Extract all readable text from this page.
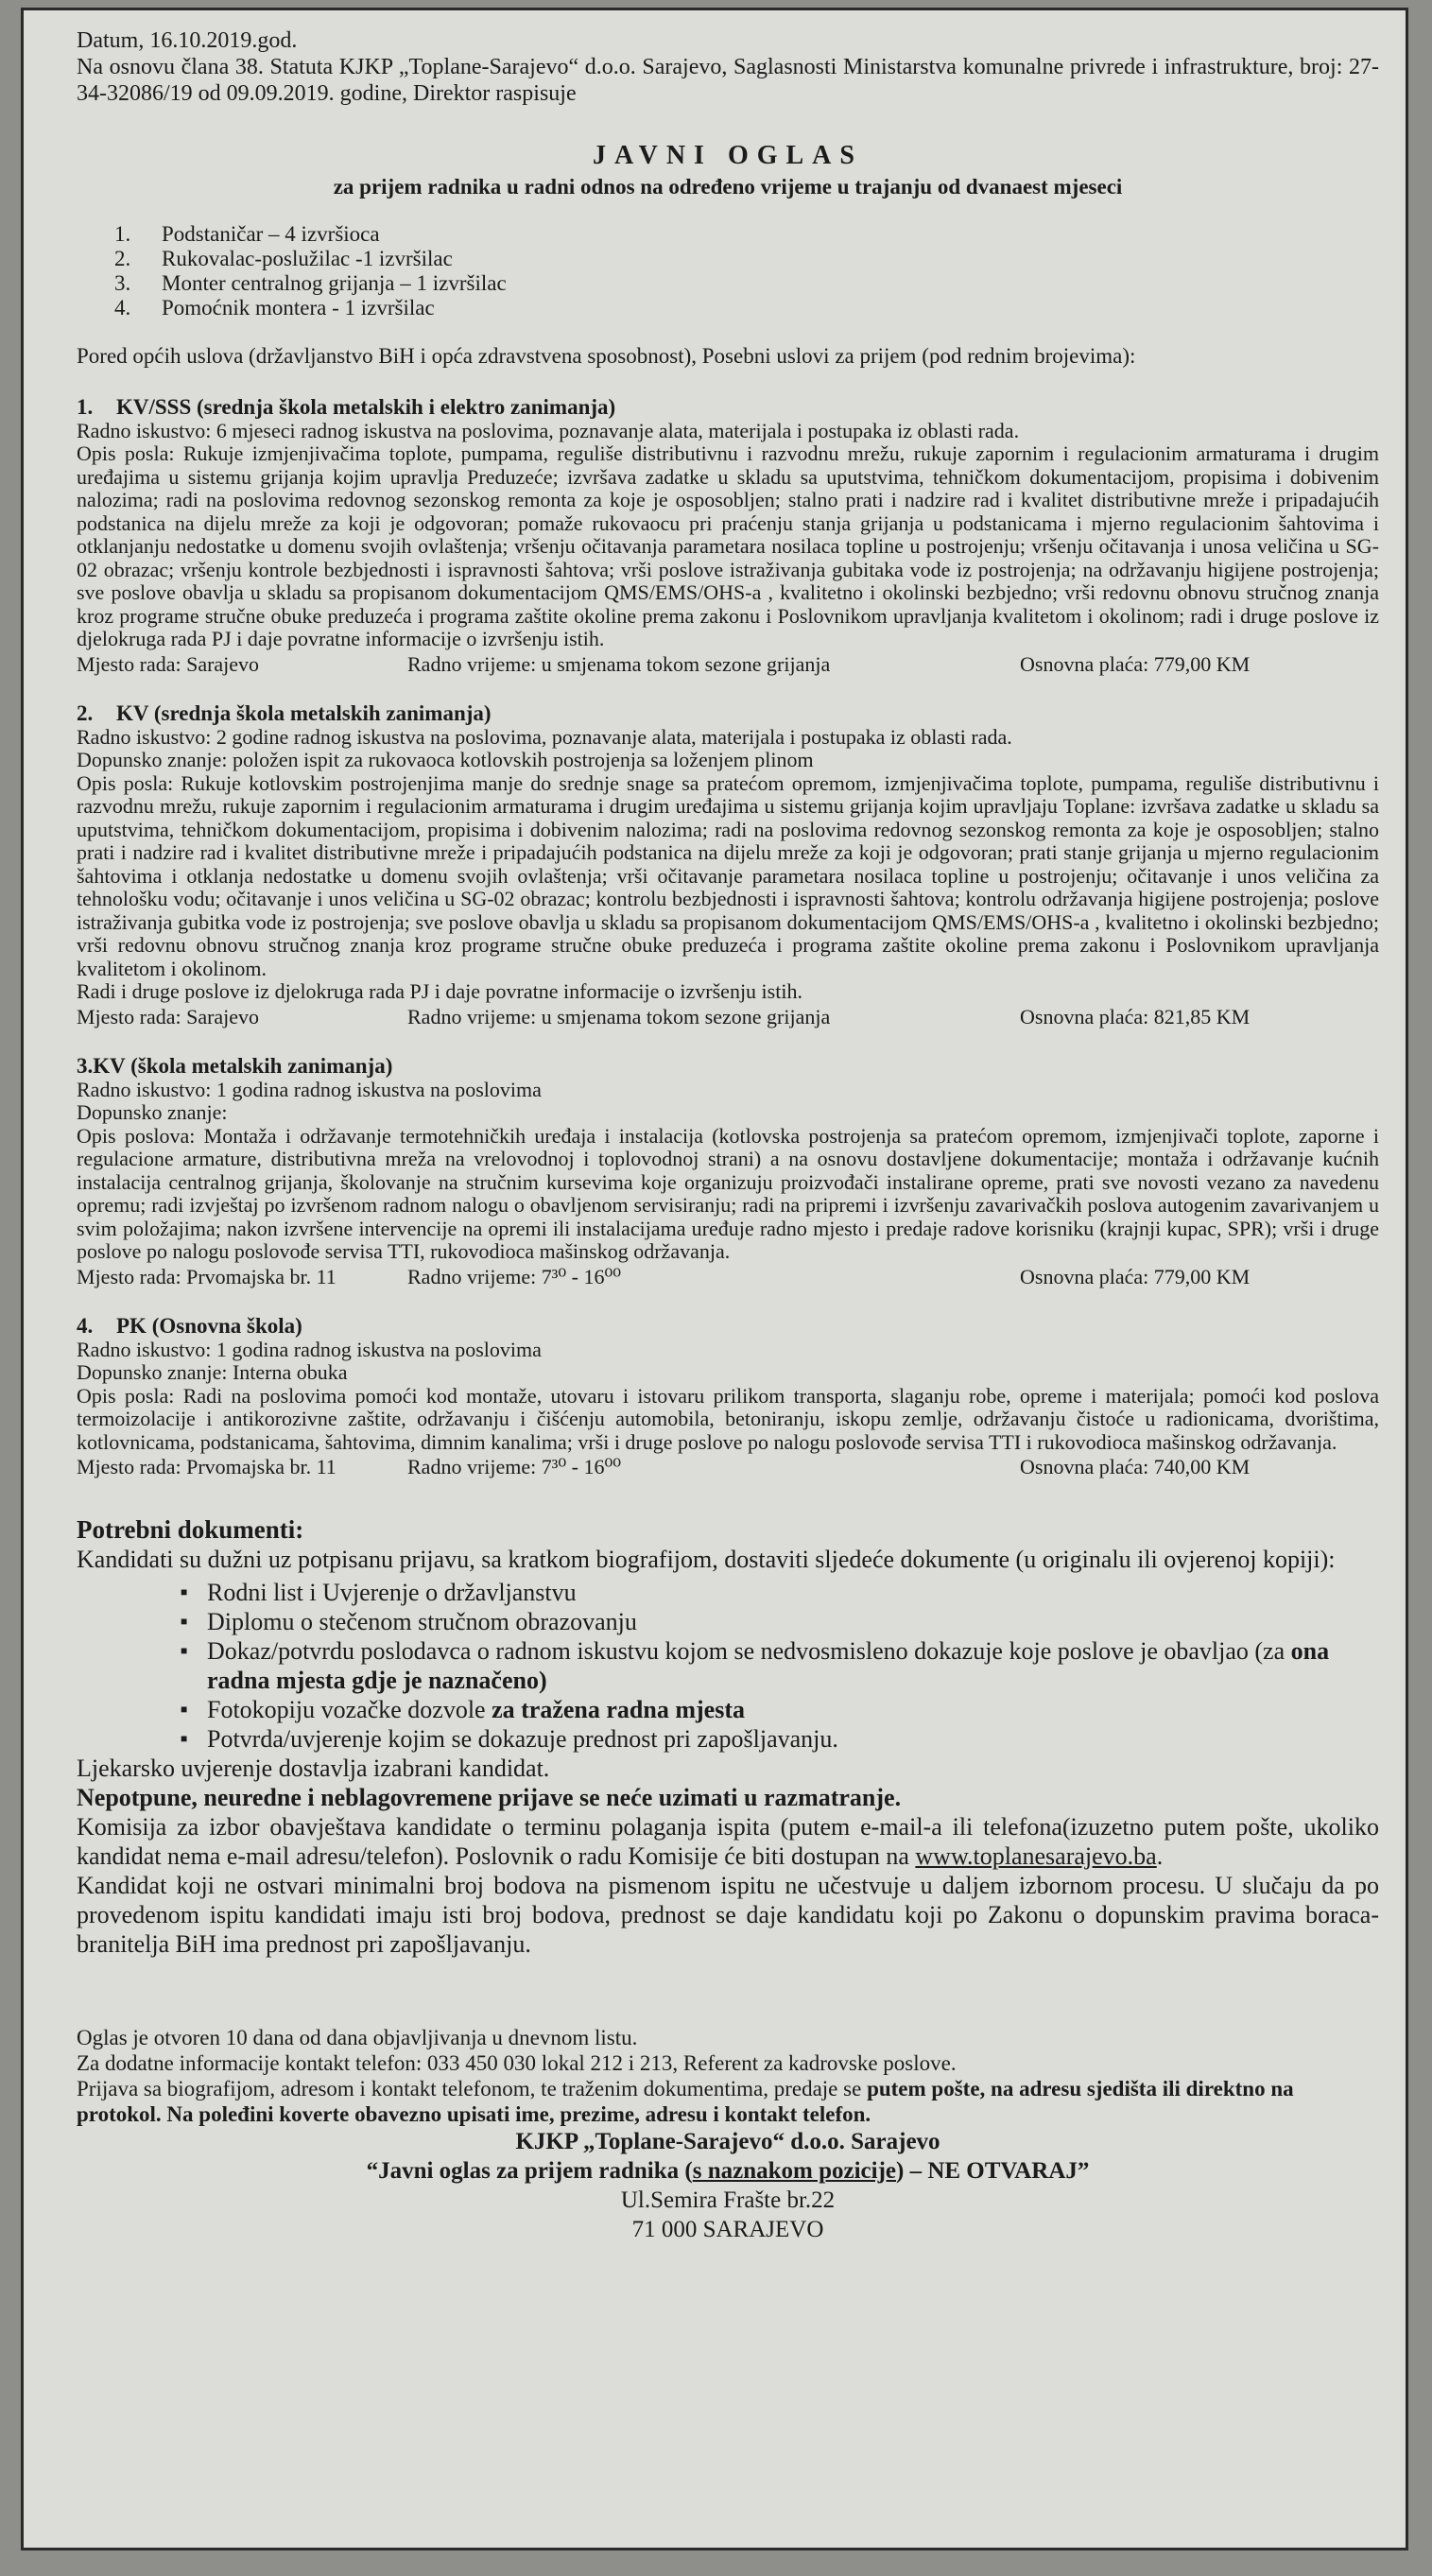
Datum, 16.10.2019.god.

Na osnovu člana 38. Statuta KJKP „Toplane-Sarajevo“ d.o.o. Sarajevo, Saglasnosti Ministarstva komunalne privrede i infrastrukture, broj: 27-34-32086/19 od 09.09.2019. godine, Direktor raspisuje

JAVNI OGLAS

za prijem radnika u radni odnos na određeno vrijeme u trajanju od dvanaest mjeseci

1. Podstaničar – 4 izvršioca
2. Rukovalac-poslužilac -1 izvršilac
3. Monter centralnog grijanja – 1 izvršilac
4. Pomoćnik montera - 1 izvršilac

Pored općih uslova (državljanstvo BiH i opća zdravstvena sposobnost), Posebni uslovi za prijem (pod rednim brojevima):

1. KV/SSS (srednja škola metalskih i elektro zanimanja)

Radno iskustvo: 6 mjeseci radnog iskustva na poslovima, poznavanje alata, materijala i postupaka iz oblasti rada.

Opis posla: Rukuje izmjenjivačima toplote, pumpama, reguliše distributivnu i razvodnu mrežu, rukuje zapornim i regulacionim armaturama i drugim uređajima u sistemu grijanja kojim upravlja Preduzeće; izvršava zadatke u skladu sa uputstvima, tehničkom dokumentacijom, propisima i dobivenim nalozima; radi na poslovima redovnog sezonskog remonta za koje je osposobljen; stalno prati i nadzire rad i kvalitet distributivne mreže i pripadajućih podstanica na dijelu mreže za koji je odgovoran; pomaže rukovaocu pri praćenju stanja grijanja u podstanicama i mjerno regulacionim šahtovima i otklanjanju nedostatke u domenu svojih ovlaštenja; vršenju očitavanja parametara nosilaca topline u postrojenju; vršenju očitavanja i unosa veličina u SG-02 obrazac; vršenju kontrole bezbjednosti i ispravnosti šahtova; vrši poslove istraživanja gubitaka vode iz postrojenja; na održavanju higijene postrojenja; sve poslove obavlja u skladu sa propisanom dokumentacijom QMS/EMS/OHS-a , kvalitetno i okolinski bezbjedno; vrši redovnu obnovu stručnog znanja kroz programe stručne obuke preduzeća i programa zaštite okoline prema zakonu i Poslovnikom upravljanja kvalitetom i okolinom; radi i druge poslove iz djelokruga rada PJ i daje povratne informacije o izvršenju istih.

Mjesto rada: Sarajevo	Radno vrijeme: u smjenama tokom sezone grijanja	Osnovna plaća: 779,00 KM
2. KV (srednja škola metalskih zanimanja)

Radno iskustvo: 2 godine radnog iskustva na poslovima, poznavanje alata, materijala i postupaka iz oblasti rada.

Dopunsko znanje: položen ispit za rukovaoca kotlovskih postrojenja sa loženjem plinom

Opis posla: Rukuje kotlovskim postrojenjima manje do srednje snage sa pratećom opremom, izmjenjivačima toplote, pumpama, reguliše distributivnu i razvodnu mrežu, rukuje zapornim i regulacionim armaturama i drugim uređajima u sistemu grijanja kojim upravljaju Toplane: izvršava zadatke u skladu sa uputstvima, tehničkom dokumentacijom, propisima i dobivenim nalozima; radi na poslovima redovnog sezonskog remonta za koje je osposobljen; stalno prati i nadzire rad i kvalitet distributivne mreže i pripadajućih podstanica na dijelu mreže za koji je odgovoran; prati stanje grijanja u mjerno regulacionim šahtovima i otklanja nedostatke u domenu svojih ovlaštenja; vrši očitavanje parametara nosilaca topline u postrojenju; očitavanje i unos veličina za tehnološku vodu; očitavanje i unos veličina u SG-02 obrazac; kontrolu bezbjednosti i ispravnosti šahtova; kontrolu održavanja higijene postrojenja; poslove istraživanja gubitka vode iz postrojenja; sve poslove obavlja u skladu sa propisanom dokumentacijom QMS/EMS/OHS-a , kvalitetno i okolinski bezbjedno; vrši redovnu obnovu stručnog znanja kroz programe stručne obuke preduzeća i programa zaštite okoline prema zakonu i Poslovnikom upravljanja kvalitetom i okolinom.

Radi i druge poslove iz djelokruga rada PJ i daje povratne informacije o izvršenju istih.

Mjesto rada: Sarajevo	Radno vrijeme: u smjenama tokom sezone grijanja	Osnovna plaća: 821,85 KM
3.KV (škola metalskih zanimanja)

Radno iskustvo: 1 godina radnog iskustva na poslovima

Dopunsko znanje:

Opis poslova: Montaža i održavanje termotehničkih uređaja i instalacija (kotlovska postrojenja sa pratećom opremom, izmjenjivači toplote, zaporne i regulacione armature, distributivna mreža na vrelovodnoj i toplovodnoj strani) a na osnovu dostavljene dokumentacije; montaža i održavanje kućnih instalacija centralnog grijanja, školovanje na stručnim kursevima koje organizuju proizvođači instalirane opreme, prati sve novosti vezano za navedenu opremu; radi izvještaj po izvršenom radnom nalogu o obavljenom servisiranju; radi na pripremi i izvršenju zavarivačkih poslova autogenim zavarivanjem u svim položajima; nakon izvršene intervencije na opremi ili instalacijama uređuje radno mjesto i predaje radove korisniku (krajnji kupac, SPR); vrši i druge poslove po nalogu poslovođe servisa TTI, rukovodioca mašinskog održavanja.

Mjesto rada: Prvomajska br. 11	Radno vrijeme: 7³⁰ - 16⁰⁰	Osnovna plaća: 779,00 KM
4. PK (Osnovna škola)

Radno iskustvo: 1 godina radnog iskustva na poslovima

Dopunsko znanje: Interna obuka

Opis posla: Radi na poslovima pomoći kod montaže, utovaru i istovaru prilikom transporta, slaganju robe, opreme i materijala; pomoći kod poslova termoizolacije i antikorozivne zaštite, održavanju i čišćenju automobila, betoniranju, iskopu zemlje, održavanju čistoće u radionicama, dvorištima, kotlovnicama, podstanicama, šahtovima, dimnim kanalima; vrši i druge poslove po nalogu poslovođe servisa TTI i rukovodioca mašinskog održavanja.

Mjesto rada: Prvomajska br. 11	Radno vrijeme: 7³⁰ - 16⁰⁰	Osnovna plaća: 740,00 KM

Potrebni dokumenti:

Kandidati su dužni uz potpisanu prijavu, sa kratkom biografijom, dostaviti sljedeće dokumente (u originalu ili ovjerenoj kopiji):

■ Rodni list i Uvjerenje o državljanstvu
■ Diplomu o stečenom stručnom obrazovanju
■ Dokaz/potvrdu poslodavca o radnom iskustvu kojom se nedvosmisleno dokazuje koje poslove je obavljao (za ona radna mjesta gdje je naznačeno)
■ Fotokopiju vozačke dozvole za tražena radna mjesta
■ Potvrda/uvjerenje kojim se dokazuje prednost pri zapošljavanju.

Ljekarsko uvjerenje dostavlja izabrani kandidat.

Nepotpune, neuredne i neblagovremene prijave se neće uzimati u razmatranje.

Komisija za izbor obavještava kandidate o terminu polaganja ispita (putem e-mail-a ili telefona(izuzetno putem pošte, ukoliko kandidat nema e-mail adresu/telefon). Poslovnik o radu Komisije će biti dostupan na www.toplanesarajevo.ba.

Kandidat koji ne ostvari minimalni broj bodova na pismenom ispitu ne učestvuje u daljem izbornom procesu. U slučaju da po provedenom ispitu kandidati imaju isti broj bodova, prednost se daje kandidatu koji po Zakonu o dopunskim pravima boraca-branitelja BiH ima prednost pri zapošljavanju.

Oglas je otvoren 10 dana od dana objavljivanja u dnevnom listu.

Za dodatne informacije kontakt telefon: 033 450 030 lokal 212 i 213, Referent za kadrovske poslove.

Prijava sa biografijom, adresom i kontakt telefonom, te traženim dokumentima, predaje se putem pošte, na adresu sjedišta ili direktno na protokol. Na poleđini koverte obavezno upisati ime, prezime, adresu i kontakt telefon.

KJKP „Toplane-Sarajevo“ d.o.o. Sarajevo

“Javni oglas za prijem radnika (s naznakom pozicije) – NE OTVARAJ”

Ul.Semira Frašte br.22

71 000 SARAJEVO
